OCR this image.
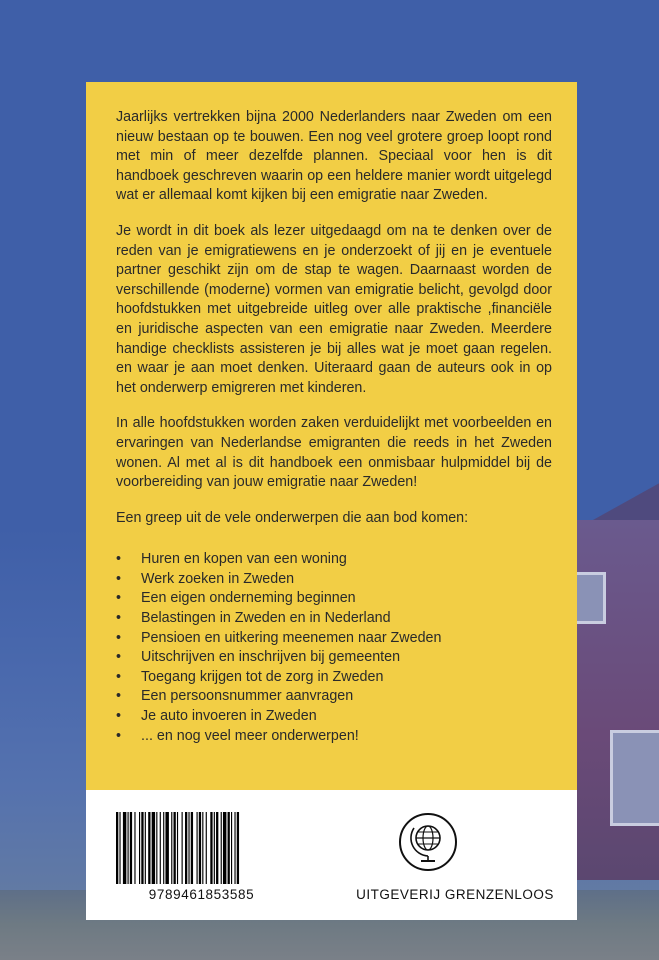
Jaarlijks vertrekken bijna 2000 Nederlanders naar Zweden om een nieuw bestaan op te bouwen. Een nog veel grotere groep loopt rond met min of meer dezelfde plannen. Speciaal voor hen is dit handboek geschreven waarin op een heldere manier wordt uitgelegd wat er allemaal komt kijken bij een emigratie naar Zweden.

Je wordt in dit boek als lezer uitgedaagd om na te denken over de reden van je emigratiewens en je onderzoekt of jij en je eventuele partner geschikt zijn om de stap te wagen. Daarnaast worden de verschillende (moderne) vormen van emigratie belicht, gevolgd door hoofdstukken met uitgebreide uitleg over alle praktische ,financiële en juridische aspecten van een emigratie naar Zweden. Meerdere handige checklists assisteren je bij alles wat je moet gaan regelen. en waar je aan moet denken. Uiteraard gaan de auteurs ook in op het onderwerp emigreren met kinderen.

In alle hoofdstukken worden zaken verduidelijkt met voorbeelden en ervaringen van Nederlandse emigranten die reeds in het Zweden wonen. Al met al is dit handboek een onmisbaar hulpmiddel bij de voorbereiding van jouw emigratie naar Zweden!

Een greep uit de vele onderwerpen die aan bod komen:

•	Huren en kopen van een woning
•	Werk zoeken in Zweden
•	Een eigen onderneming beginnen
•	Belastingen in Zweden en in Nederland
•	Pensioen en uitkering meenemen naar Zweden
•	Uitschrijven en inschrijven bij gemeenten
•	Toegang krijgen tot de zorg in Zweden
•	Een persoonsnummer aanvragen
•	Je auto invoeren in Zweden
•	... en nog veel meer onderwerpen!
9789461853585	UITGEVERIJ GRENZENLOOS
